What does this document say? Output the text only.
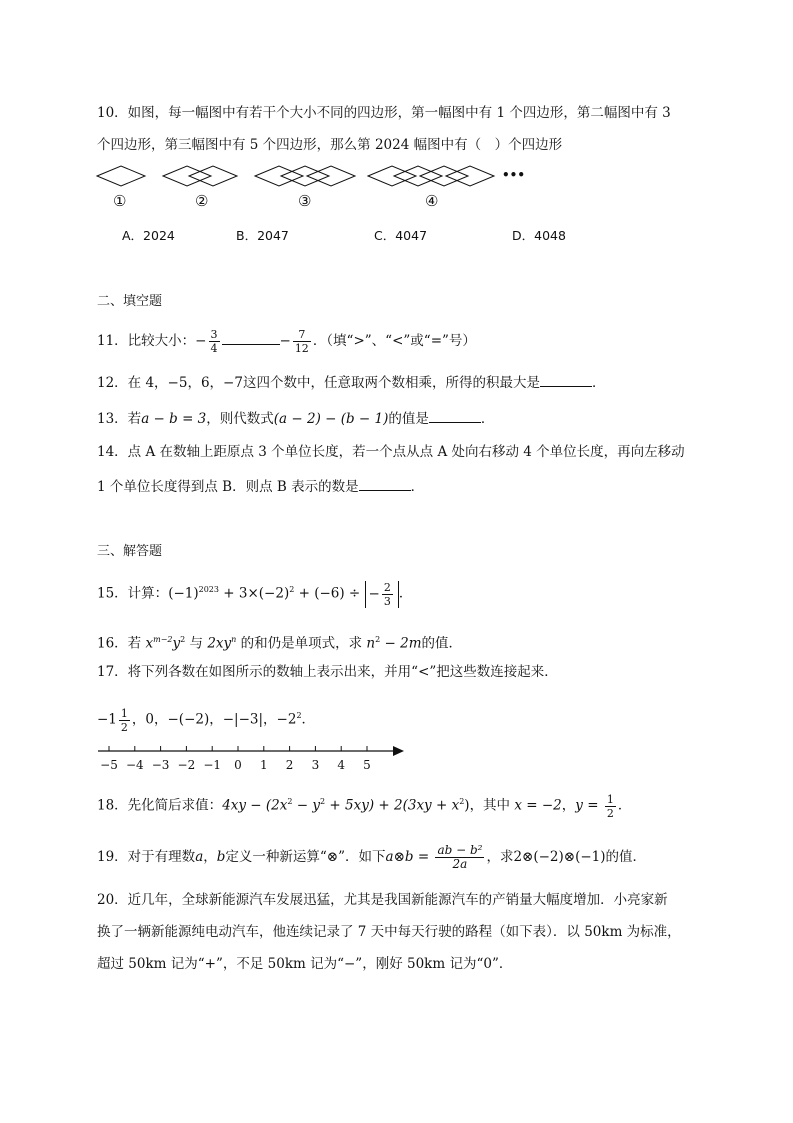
10．如图，每一幅图中有若干个大小不同的四边形，第一幅图中有 1 个四边形，第二幅图中有 3
个四边形，第三幅图中有 5 个四边形，那么第 2024 幅图中有（　）个四边形
•••
①	②	③	④
A．2024	B．2047	C．4047	D．4048
二、填空题
11．比较大小：− $\frac{3}{4}$	− $\frac{7}{12}$ ．（填“>”、“<”或“=”号）
12．在 4，−5，6，−7这四个数中，任意取两个数相乘，所得的积最大是	．
13．若a − b = 3，则代数式(a − 2) − (b − 1)的值是	．
14．点 A 在数轴上距原点 3 个单位长度，若一个点从点 A 处向右移动 4 个单位长度，再向左移动
1 个单位长度得到点 B．则点 B 表示的数是	．
三、解答题
15．计算：$(-1)^{2023} + 3\times(-2)^2 + (-6)$ ÷ − $\frac{2}{3}$ ．
16．若 $x^{m-2}y^2$ 与 $2xy^n$ 的和仍是单项式，求 $n^2 - 2m$的值．
17．将下列各数在如图所示的数轴上表示出来，并用“<”把这些数连接起来．
$-1 \frac{1}{2}$ ，0，−(−2)，−|−3|，$-2^2$．
−5 −4 −3 −2 −1 0 1 2 3 4 5
18．先化简后求值：$4xy - (2x^2 - y^2 + 5xy) + 2(3xy + x^2)$，其中 x = −2，$y = \frac{1}{2}$ ．
19．对于有理数a，b定义一种新运算“⊗”．如下a⊗b = $\frac{\text{ab − b²}}{2a}$ ，求2⊗(−2)⊗(−1)的值．
20．近几年，全球新能源汽车发展迅猛，尤其是我国新能源汽车的产销量大幅度增加．小亮家新
换了一辆新能源纯电动汽车，他连续记录了 7 天中每天行驶的路程（如下表）．以 50km 为标准，
超过 50km 记为“+”，不足 50km 记为“−”，刚好 50km 记为“0”．
